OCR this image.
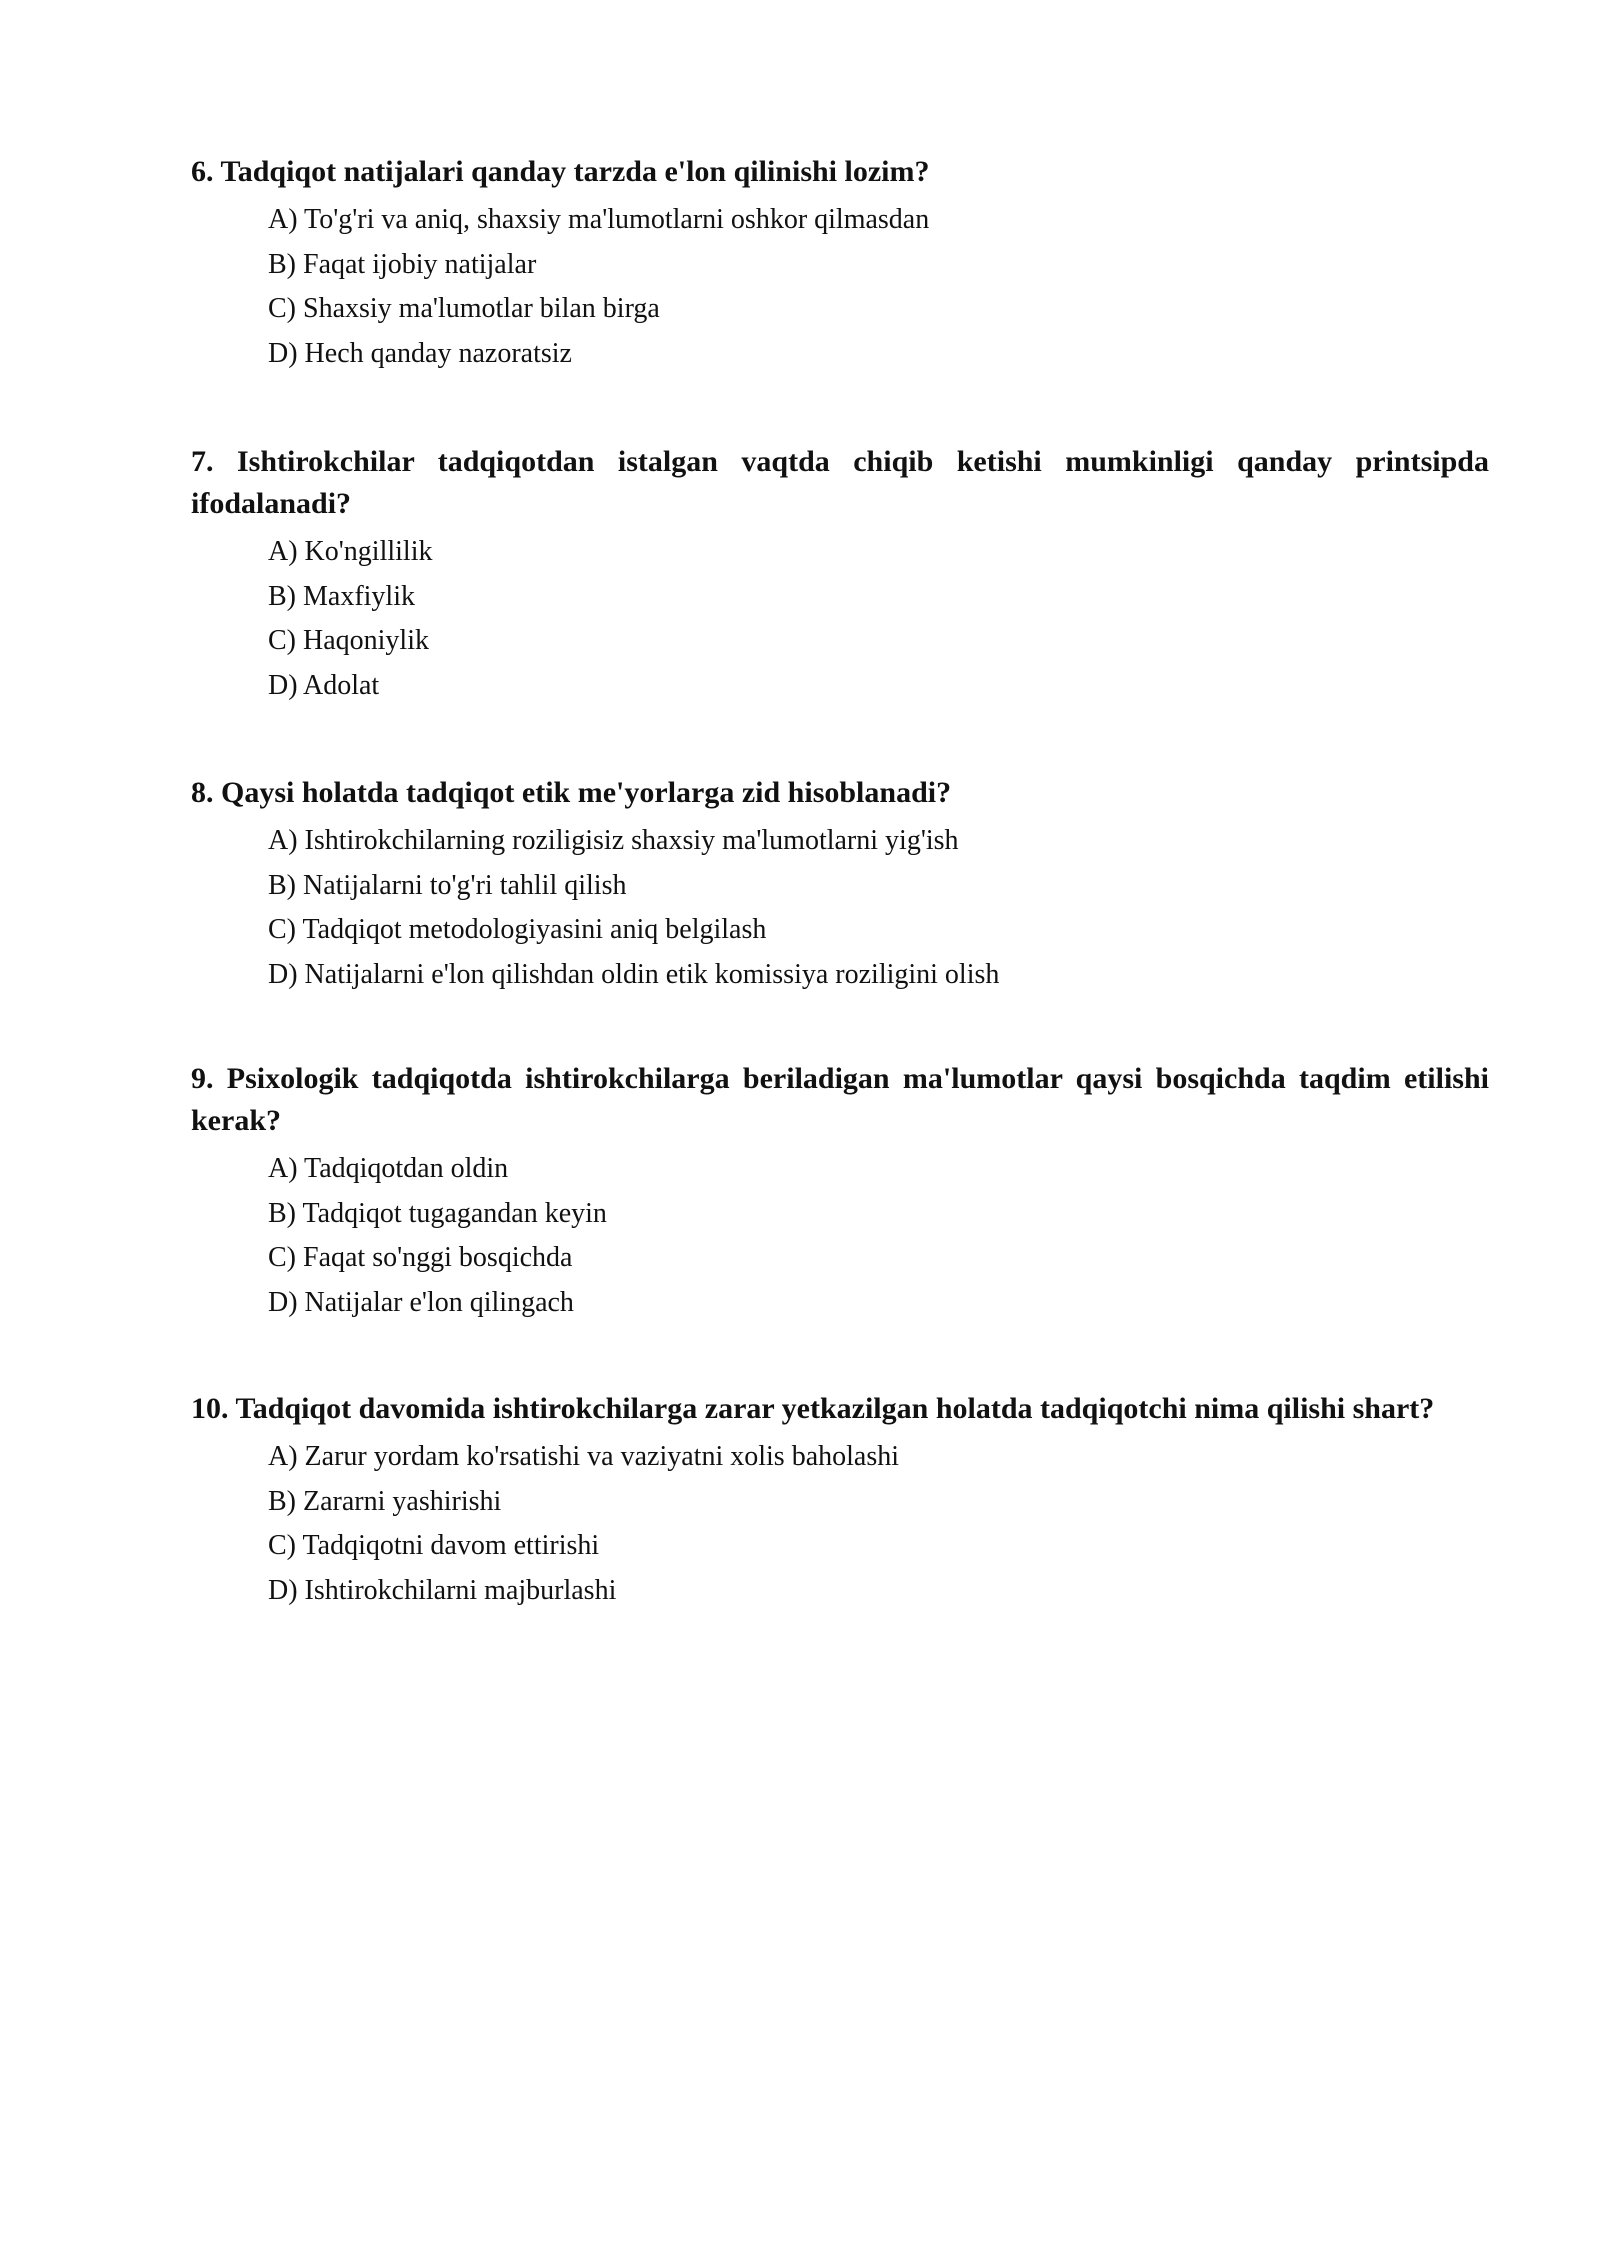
6. Tadqiqot natijalari qanday tarzda e'lon qilinishi lozim?

A) To'g'ri va aniq, shaxsiy ma'lumotlarni oshkor qilmasdan
B) Faqat ijobiy natijalar
C) Shaxsiy ma'lumotlar bilan birga
D) Hech qanday nazoratsiz

7. Ishtirokchilar tadqiqotdan istalgan vaqtda chiqib ketishi mumkinligi qanday printsipda ifodalanadi?

A) Ko'ngillilik
B) Maxfiylik
C) Haqoniylik
D) Adolat

8. Qaysi holatda tadqiqot etik me'yorlarga zid hisoblanadi?

A) Ishtirokchilarning roziligisiz shaxsiy ma'lumotlarni yig'ish
B) Natijalarni to'g'ri tahlil qilish
C) Tadqiqot metodologiyasini aniq belgilash
D) Natijalarni e'lon qilishdan oldin etik komissiya roziligini olish

9. Psixologik tadqiqotda ishtirokchilarga beriladigan ma'lumotlar qaysi bosqichda taqdim etilishi kerak?

A) Tadqiqotdan oldin
B) Tadqiqot tugagandan keyin
C) Faqat so'nggi bosqichda
D) Natijalar e'lon qilingach

10. Tadqiqot davomida ishtirokchilarga zarar yetkazilgan holatda tadqiqotchi nima qilishi shart?

A) Zarur yordam ko'rsatishi va vaziyatni xolis baholashi
B) Zararni yashirishi
C) Tadqiqotni davom ettirishi
D) Ishtirokchilarni majburlashi
